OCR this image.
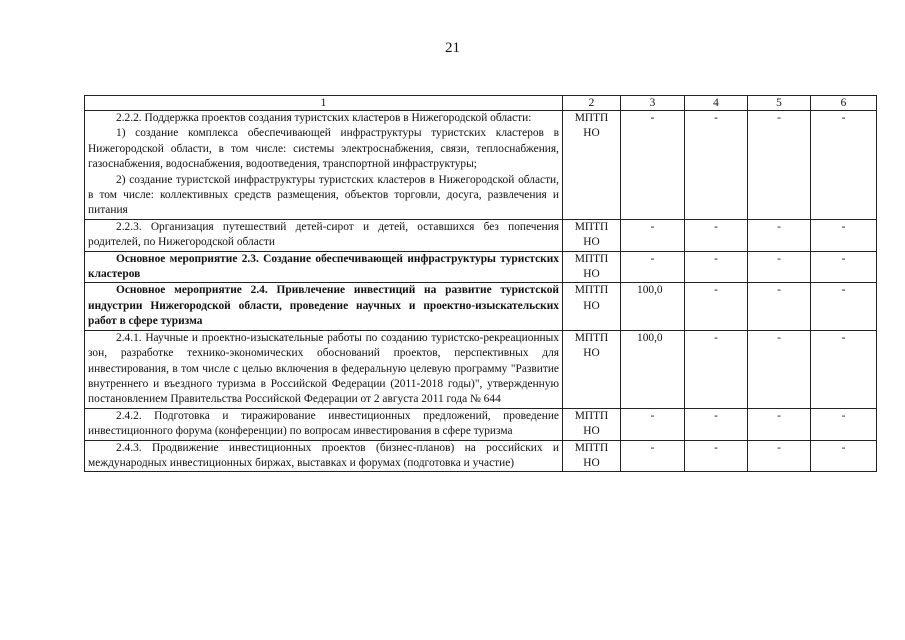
21
1	2	3	4	5	6

2.2.2. Поддержка проектов создания туристских кластеров в Нижегородской области:
1) создание комплекса обеспечивающей инфраструктуры туристских кластеров в Нижегородской области, в том числе: системы электроснабжения, связи, теплоснабжения, газоснабжения, водоснабжения, водоотведения, транспортной инфраструктуры;
2) создание туристской инфраструктуры туристских кластеров в Нижегородской области, в том числе: коллективных средств размещения, объектов торговли, досуга, развлечения и питания	МПТП НО	-	-	-	-

2.2.3. Организация путешествий детей-сирот и детей, оставшихся без попечения родителей, по Нижегородской области	МПТП НО	-	-	-	-

Основное мероприятие 2.3. Создание обеспечивающей инфраструктуры туристских кластеров	МПТП НО	-	-	-	-

Основное мероприятие 2.4. Привлечение инвестиций на развитие туристской индустрии Нижегородской области, проведение научных и проектно-изыскательских работ в сфере туризма	МПТП НО	100,0	-	-	-

2.4.1. Научные и проектно-изыскательные работы по созданию туристско-рекреационных зон, разработке технико-экономических обоснований проектов, перспективных для инвестирования, в том числе с целью включения в федеральную целевую программу "Развитие внутреннего и въездного туризма в Российской Федерации (2011-2018 годы)", утвержденную постановлением Правительства Российской Федерации от 2 августа 2011 года № 644	МПТП НО	100,0	-	-	-

2.4.2. Подготовка и тиражирование инвестиционных предложений, проведение инвестиционного форума (конференции) по вопросам инвестирования в сфере туризма	МПТП НО	-	-	-	-

2.4.3. Продвижение инвестиционных проектов (бизнес-планов) на российских и международных инвестиционных биржах, выставках и форумах (подготовка и участие)	МПТП НО	-	-	-	-
